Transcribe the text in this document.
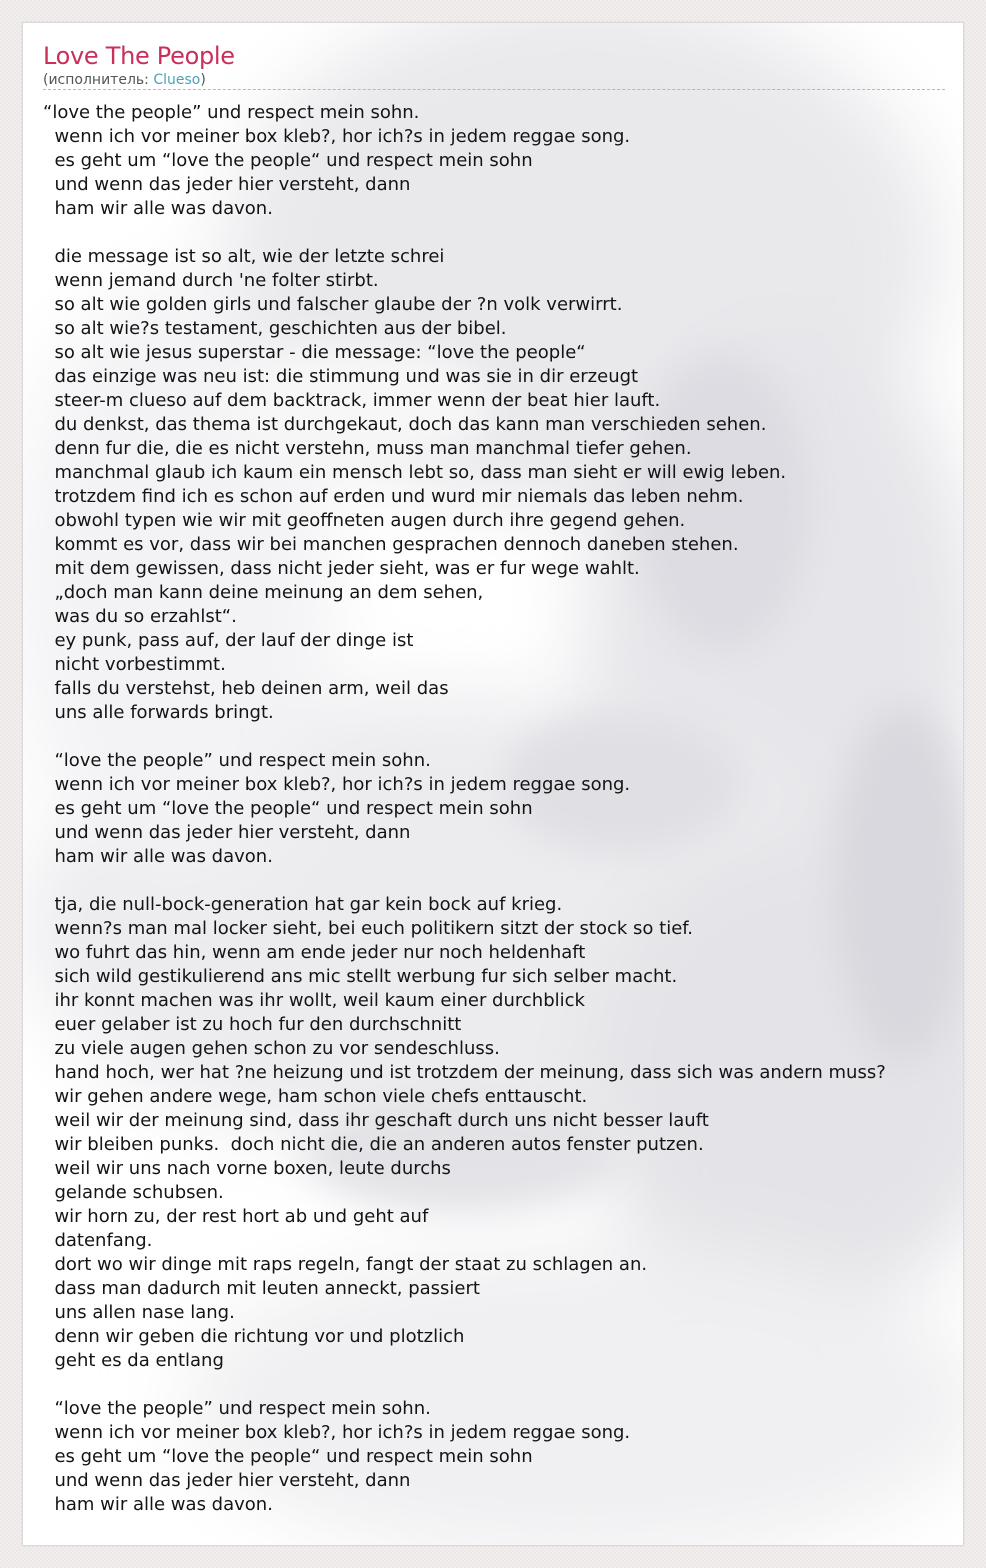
Love The People
(исполнитель: Clueso)
“love the people” und respect mein sohn.
wenn ich vor meiner box kleb?, hor ich?s in jedem reggae song.
es geht um “love the people“ und respect mein sohn
und wenn das jeder hier versteht, dann
ham wir alle was davon.
die message ist so alt, wie der letzte schrei
wenn jemand durch 'ne folter stirbt.
so alt wie golden girls und falscher glaube der ?n volk verwirrt.
so alt wie?s testament, geschichten aus der bibel.
so alt wie jesus superstar - die message: “love the people“
das einzige was neu ist: die stimmung und was sie in dir erzeugt
steer-m clueso auf dem backtrack, immer wenn der beat hier lauft.
du denkst, das thema ist durchgekaut, doch das kann man verschieden sehen.
denn fur die, die es nicht verstehn, muss man manchmal tiefer gehen.
manchmal glaub ich kaum ein mensch lebt so, dass man sieht er will ewig leben.
trotzdem find ich es schon auf erden und wurd mir niemals das leben nehm.
obwohl typen wie wir mit geoffneten augen durch ihre gegend gehen.
kommt es vor, dass wir bei manchen gesprachen dennoch daneben stehen.
mit dem gewissen, dass nicht jeder sieht, was er fur wege wahlt.
„doch man kann deine meinung an dem sehen,
was du so erzahlst“.
ey punk, pass auf, der lauf der dinge ist
nicht vorbestimmt.
falls du verstehst, heb deinen arm, weil das
uns alle forwards bringt.
“love the people” und respect mein sohn.
wenn ich vor meiner box kleb?, hor ich?s in jedem reggae song.
es geht um “love the people“ und respect mein sohn
und wenn das jeder hier versteht, dann
ham wir alle was davon.
tja, die null-bock-generation hat gar kein bock auf krieg.
wenn?s man mal locker sieht, bei euch politikern sitzt der stock so tief.
wo fuhrt das hin, wenn am ende jeder nur noch heldenhaft
sich wild gestikulierend ans mic stellt werbung fur sich selber macht.
ihr konnt machen was ihr wollt, weil kaum einer durchblick
euer gelaber ist zu hoch fur den durchschnitt
zu viele augen gehen schon zu vor sendeschluss.
hand hoch, wer hat ?ne heizung und ist trotzdem der meinung, dass sich was andern muss?
wir gehen andere wege, ham schon viele chefs enttauscht.
weil wir der meinung sind, dass ihr geschaft durch uns nicht besser lauft
wir bleiben punks.  doch nicht die, die an anderen autos fenster putzen.
weil wir uns nach vorne boxen, leute durchs
gelande schubsen.
wir horn zu, der rest hort ab und geht auf
datenfang.
dort wo wir dinge mit raps regeln, fangt der staat zu schlagen an.
dass man dadurch mit leuten anneckt, passiert
uns allen nase lang.
denn wir geben die richtung vor und plotzlich
geht es da entlang
“love the people” und respect mein sohn.
wenn ich vor meiner box kleb?, hor ich?s in jedem reggae song.
es geht um “love the people“ und respect mein sohn
und wenn das jeder hier versteht, dann
ham wir alle was davon.
